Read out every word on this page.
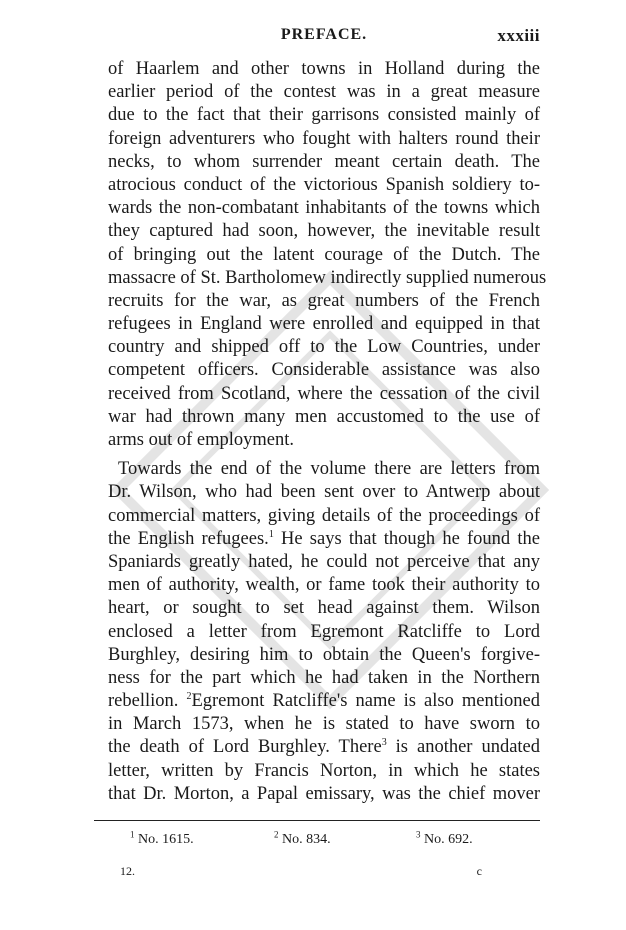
PREFACE.	xxxiii
of Haarlem and other towns in Holland during the
earlier period of the contest was in a great measure
due to the fact that their garrisons consisted mainly of
foreign adventurers who fought with halters round their
necks, to whom surrender meant certain death. The
atrocious conduct of the victorious Spanish soldiery to-
wards the non-combatant inhabitants of the towns which
they captured had soon, however, the inevitable result
of bringing out the latent courage of the Dutch. The
massacre of St. Bartholomew indirectly supplied numerous
recruits for the war, as great numbers of the French
refugees in England were enrolled and equipped in that
country and shipped off to the Low Countries, under
competent officers. Considerable assistance was also
received from Scotland, where the cessation of the civil
war had thrown many men accustomed to the use of
arms out of employment.
Towards the end of the volume there are letters from
Dr. Wilson, who had been sent over to Antwerp about
commercial matters, giving details of the proceedings of
the English refugees.$^1$ He says that though he found the
Spaniards greatly hated, he could not perceive that any
men of authority, wealth, or fame took their authority to
heart, or sought to set head against them. Wilson
enclosed a letter from Egremont Ratcliffe to Lord
Burghley, desiring him to obtain the Queen's forgive-
ness for the part which he had taken in the Northern
rebellion. $^2$Egremont Ratcliffe's name is also mentioned
in March 1573, when he is stated to have sworn to
the death of Lord Burghley. There$^3$ is another undated
letter, written by Francis Norton, in which he states
that Dr. Morton, a Papal emissary, was the chief mover
$^1$ No. 1615.	$^2$ No. 834.	$^3$ No. 692.
12.	c
